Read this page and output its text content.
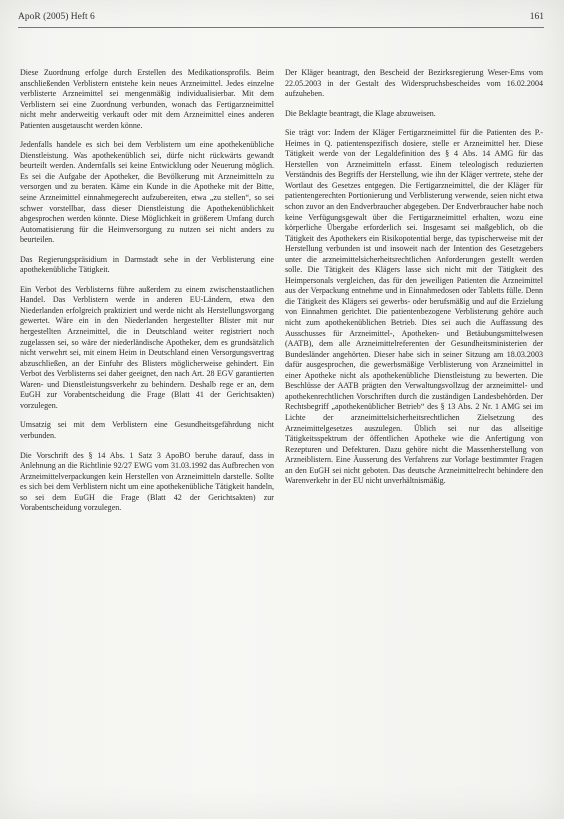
ApoR (2005) Heft 6	161

Diese Zuordnung erfolge durch Erstellen des Medikationsprofils. Beim anschließenden Verblistern entstehe kein neues Arzneimittel. Jedes einzelne verblisterte Arzneimittel sei mengenmäßig individualisierbar. Mit dem Verblistern sei eine Zuordnung verbunden, wonach das Fertigarzneimittel nicht mehr anderweitig verkauft oder mit dem Arzneimittel eines anderen Patienten ausgetauscht werden könne.

Jedenfalls handele es sich bei dem Verblistern um eine apothekenübliche Dienstleistung. Was apothekenüblich sei, dürfe nicht rückwärts gewandt beurteilt werden. Andernfalls sei keine Entwicklung oder Neuerung möglich. Es sei die Aufgabe der Apotheker, die Bevölkerung mit Arzneimitteln zu versorgen und zu beraten. Käme ein Kunde in die Apotheke mit der Bitte, seine Arzneimittel einnahmegerecht aufzubereiten, etwa „zu stellen“, so sei schwer vorstellbar, dass dieser Dienstleistung die Apothekenüblichkeit abgesprochen werden könnte. Diese Möglichkeit in größerem Umfang durch Automatisierung für die Heimversorgung zu nutzen sei nicht anders zu beurteilen.

Das Regierungspräsidium in Darmstadt sehe in der Verblisterung eine apothekenübliche Tätigkeit.

Ein Verbot des Verblisterns führe außerdem zu einem zwischenstaatlichen Handel. Das Verblistern werde in anderen EU-Ländern, etwa den Niederlanden erfolgreich praktiziert und werde nicht als Herstellungsvorgang gewertet. Wäre ein in den Niederlanden hergestellter Blister mit nur hergestellten Arzneimittel, die in Deutschland weiter registriert noch zugelassen sei, so wäre der niederländische Apotheker, dem es grundsätzlich nicht verwehrt sei, mit einem Heim in Deutschland einen Versorgungsvertrag abzuschließen, an der Einfuhr des Blisters möglicherweise gehindert. Ein Verbot des Verblisterns sei daher geeignet, den nach Art. 28 EGV garantierten Waren- und Dienstleistungsverkehr zu behindern. Deshalb rege er an, dem EuGH zur Vorabentscheidung die Frage (Blatt 41 der Gerichtsakten) vorzulegen.

Umsatzig sei mit dem Verblistern eine Gesundheitsgefährdung nicht verbunden.

Die Vorschrift des § 14 Abs. 1 Satz 3 ApoBO beruhe darauf, dass in Anlehnung an die Richtlinie 92/27 EWG vom 31.03.1992 das Aufbrechen von Arzneimittelverpackungen kein Herstellen von Arzneimitteln darstelle. Sollte es sich bei dem Verblistern nicht um eine apothekenübliche Tätigkeit handeln, so sei dem EuGH die Frage (Blatt 42 der Gerichtsakten) zur Vorabentscheidung vorzulegen.

Der Kläger beantragt, den Bescheid der Bezirksregierung Weser-Ems vom 22.05.2003 in der Gestalt des Widerspruchsbescheides vom 16.02.2004 aufzuheben.

Die Beklagte beantragt, die Klage abzuweisen.

Sie trägt vor: Indem der Kläger Fertigarzneimittel für die Patienten des P.-Heimes in Q. patientenspezifisch dosiere, stelle er Arzneimittel her. Diese Tätigkeit werde von der Legaldefinition des § 4 Abs. 14 AMG für das Herstellen von Arzneimitteln erfasst. Einem teleologisch reduzierten Verständnis des Begriffs der Herstellung, wie ihn der Kläger vertrete, stehe der Wortlaut des Gesetzes entgegen. Die Fertigarzneimittel, die der Kläger für patientengerechten Portionierung und Verblisterung verwende, seien nicht etwa schon zuvor an den Endverbraucher abgegeben. Der Endverbraucher habe noch keine Verfügungsgewalt über die Fertigarzneimittel erhalten, wozu eine körperliche Übergabe erforderlich sei. Insgesamt sei maßgeblich, ob die Tätigkeit des Apothekers ein Risikopotential berge, das typischerweise mit der Herstellung verbunden ist und insoweit nach der Intention des Gesetzgebers unter die arzneimittelsicherheitsrechtlichen Anforderungen gestellt werden solle. Die Tätigkeit des Klägers lasse sich nicht mit der Tätigkeit des Heimpersonals vergleichen, das für den jeweiligen Patienten die Arzneimittel aus der Verpackung entnehme und in Einnahmedosen oder Tabletts fülle. Denn die Tätigkeit des Klägers sei gewerbs- oder berufsmäßig und auf die Erzielung von Einnahmen gerichtet. Die patientenbezogene Verblisterung gehöre auch nicht zum apothekenüblichen Betrieb. Dies sei auch die Auffassung des Ausschusses für Arzneimittel-, Apotheken- und Betäubungsmittelwesen (AATB), dem alle Arzneimittelreferenten der Gesundheitsministerien der Bundesländer angehörten. Dieser habe sich in seiner Sitzung am 18.03.2003 dafür ausgesprochen, die gewerbsmäßige Verblisterung von Arzneimittel in einer Apotheke nicht als apothekenübliche Dienstleistung zu bewerten. Die Beschlüsse der AATB prägten den Verwaltungsvollzug der arzneimittel- und apothekenrechtlichen Vorschriften durch die zuständigen Landesbehörden. Der Rechtsbegriff „apothekenüblicher Betrieb“ des § 13 Abs. 2 Nr. 1 AMG sei im Lichte der arzneimittelsicherheitsrechtlichen Zielsetzung des Arzneimittelgesetzes auszulegen. Üblich sei nur das allseitige Tätigkeitsspektrum der öffentlichen Apotheke wie die Anfertigung von Rezepturen und Defekturen. Dazu gehöre nicht die Massenherstellung von Arzneiblistern. Eine Äusserung des Verfahrens zur Vorlage bestimmter Fragen an den EuGH sei nicht geboten. Das deutsche Arzneimittelrecht behindere den Warenverkehr in der EU nicht unverhältnismäßig.
